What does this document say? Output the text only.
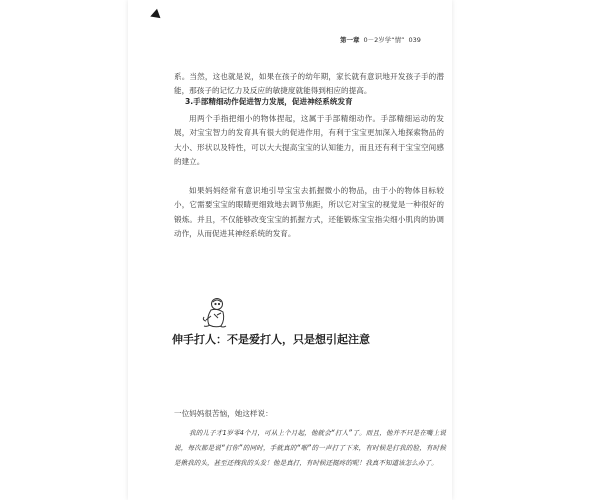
第一章 0－2岁学“情” 039

系。当然，这也就是说，如果在孩子的幼年期，家长就有意识地开发孩子手的潜能，那孩子的记忆力及反应的敏捷度就能得到相应的提高。

3.手部精细动作促进智力发展，促进神经系统发育

用两个手指把细小的物体捏起，这属于手部精细动作。手部精细运动的发展，对宝宝智力的发育具有很大的促进作用，有利于宝宝更加深入地探索物品的大小、形状以及特性，可以大大提高宝宝的认知能力，而且还有利于宝宝空间感的建立。

如果妈妈经常有意识地引导宝宝去抓握微小的物品，由于小的物体目标较小，它需要宝宝的眼睛更细致地去调节焦距，所以它对宝宝的视觉是一种很好的锻炼。并且，不仅能够改变宝宝的抓握方式，还能锻炼宝宝指尖细小肌肉的协调动作，从而促进其神经系统的发育。

伸手打人：不是爱打人，只是想引起注意

一位妈妈很苦恼，她这样说：

我的儿子才1岁零4个月，可从上个月起，他就会“打人”了。而且，他并不只是在嘴上说说，每次都是说“打你”的同时，手就真的“啪”的一声打了下来，有时候是打我的脸，有时候是揪我的头，甚至还拽我的头发！他是真打，有时候还挺疼的呢！我真不知道该怎么办了。
